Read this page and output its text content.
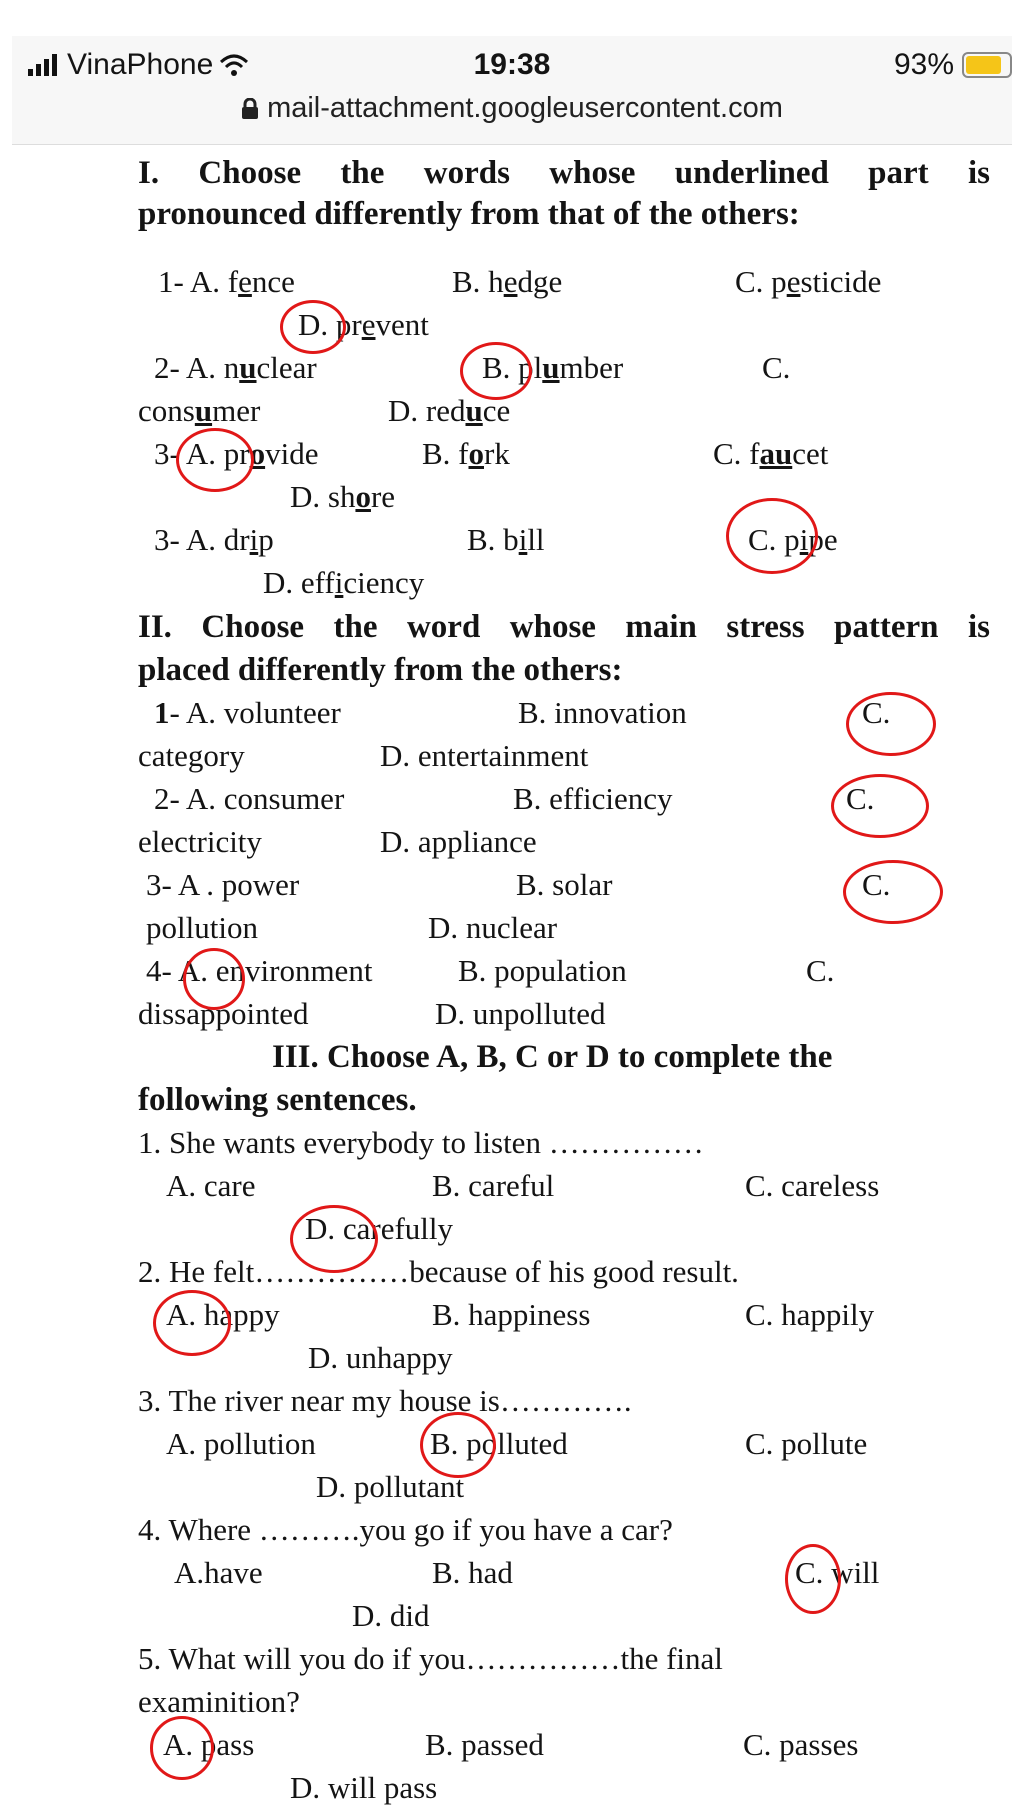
VinaPhone	19:38	93%
mail-attachment.googleusercontent.com
I. Choose the words whose underlined part is
pronounced differently from that of the others:
1- A. fence	B. hedge	C. pesticide
D. prevent
2- A. nuclear	B. plumber	C.
consumer	D. reduce
3- A. provide	B. fork	C. faucet
D. shore
3- A. drip	B. bill	C. pipe
D. efficiency
II. Choose the word whose main stress pattern is
placed differently from the others:
1- A. volunteer	B. innovation	C.
category	D. entertainment
2- A. consumer	B. efficiency	C.
electricity	D. appliance
3- A . power	B. solar	C.
pollution	D. nuclear
4- A. environment	B. population	C.
dissappointed	D. unpolluted
III. Choose A, B, C or D to complete the
following sentences.
1. She wants everybody to listen ……………
A. care	B. careful	C. careless
D. carefully
2. He felt……………because of his good result.
A. happy	B. happiness	C. happily
D. unhappy
3. The river near my house is………….
A. pollution	B. polluted	C. pollute
D. pollutant
4. Where ……….you go if you have a car?
A.have	B. had	C. will
D. did
5. What will you do if you……………the final
examinition?
A. pass	B. passed	C. passes
D. will pass
